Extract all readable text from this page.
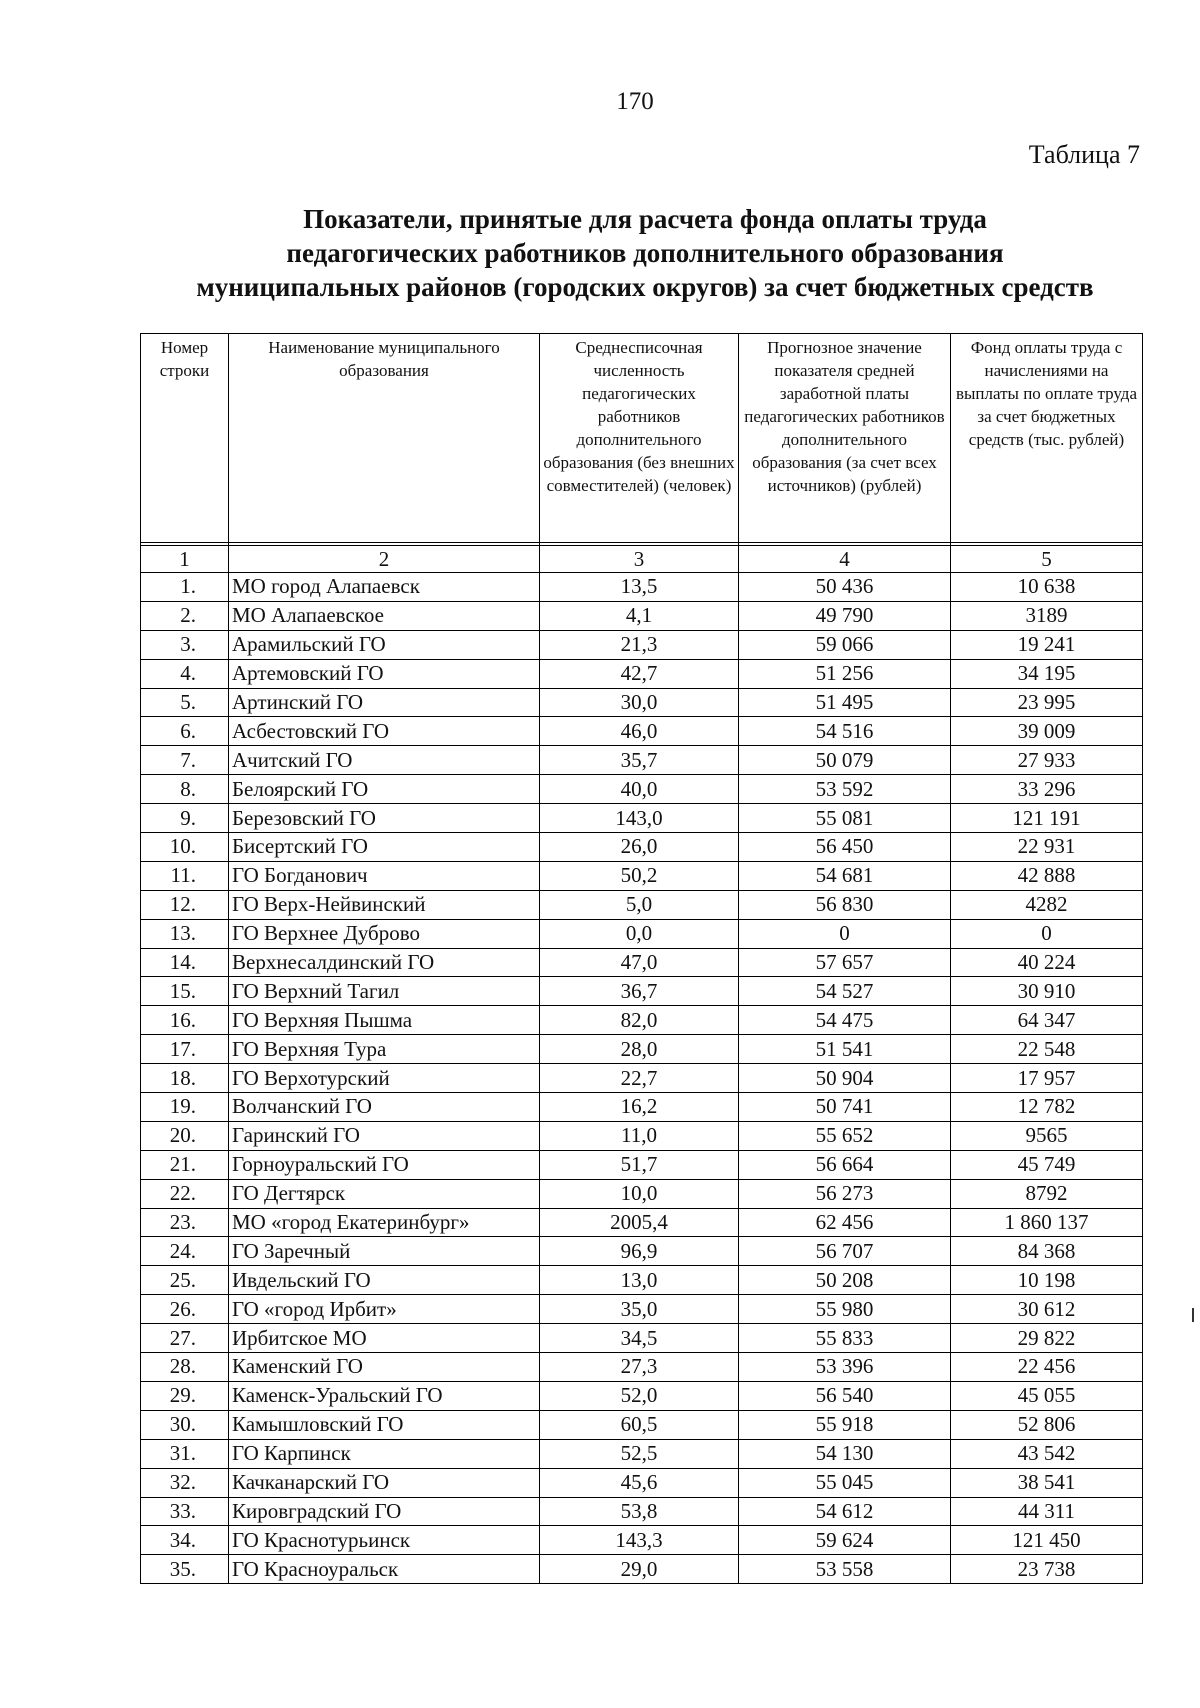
170
Таблица 7
Показатели, принятые для расчета фонда оплаты труда
педагогических работников дополнительного образования
муниципальных районов (городских округов) за счет бюджетных средств
Номер строки	Наименование муниципального образования	Среднесписочная численность педагогических работников дополнительного образования (без внешних совместителей) (человек)	Прогнозное значение показателя средней заработной платы педагогических работников дополнительного образования (за счет всех источников) (рублей)	Фонд оплаты труда с начислениями на выплаты по оплате труда за счет бюджетных средств (тыс. рублей)

1	2	3	4	5
1.	МО город Алапаевск	13,5	50 436	10 638
2.	МО Алапаевское	4,1	49 790	3189
3.	Арамильский ГО	21,3	59 066	19 241
4.	Артемовский ГО	42,7	51 256	34 195
5.	Артинский ГО	30,0	51 495	23 995
6.	Асбестовский ГО	46,0	54 516	39 009
7.	Ачитский ГО	35,7	50 079	27 933
8.	Белоярский ГО	40,0	53 592	33 296
9.	Березовский ГО	143,0	55 081	121 191
10.	Бисертский ГО	26,0	56 450	22 931
11.	ГО Богданович	50,2	54 681	42 888
12.	ГО Верх-Нейвинский	5,0	56 830	4282
13.	ГО Верхнее Дуброво	0,0	0	0
14.	Верхнесалдинский ГО	47,0	57 657	40 224
15.	ГО Верхний Тагил	36,7	54 527	30 910
16.	ГО Верхняя Пышма	82,0	54 475	64 347
17.	ГО Верхняя Тура	28,0	51 541	22 548
18.	ГО Верхотурский	22,7	50 904	17 957
19.	Волчанский ГО	16,2	50 741	12 782
20.	Гаринский ГО	11,0	55 652	9565
21.	Горноуральский ГО	51,7	56 664	45 749
22.	ГО Дегтярск	10,0	56 273	8792
23.	МО «город Екатеринбург»	2005,4	62 456	1 860 137
24.	ГО Заречный	96,9	56 707	84 368
25.	Ивдельский ГО	13,0	50 208	10 198
26.	ГО «город Ирбит»	35,0	55 980	30 612
27.	Ирбитское МО	34,5	55 833	29 822
28.	Каменский ГО	27,3	53 396	22 456
29.	Каменск-Уральский ГО	52,0	56 540	45 055
30.	Камышловский ГО	60,5	55 918	52 806
31.	ГО Карпинск	52,5	54 130	43 542
32.	Качканарский ГО	45,6	55 045	38 541
33.	Кировградский ГО	53,8	54 612	44 311
34.	ГО Краснотурьинск	143,3	59 624	121 450
35.	ГО Красноуральск	29,0	53 558	23 738
